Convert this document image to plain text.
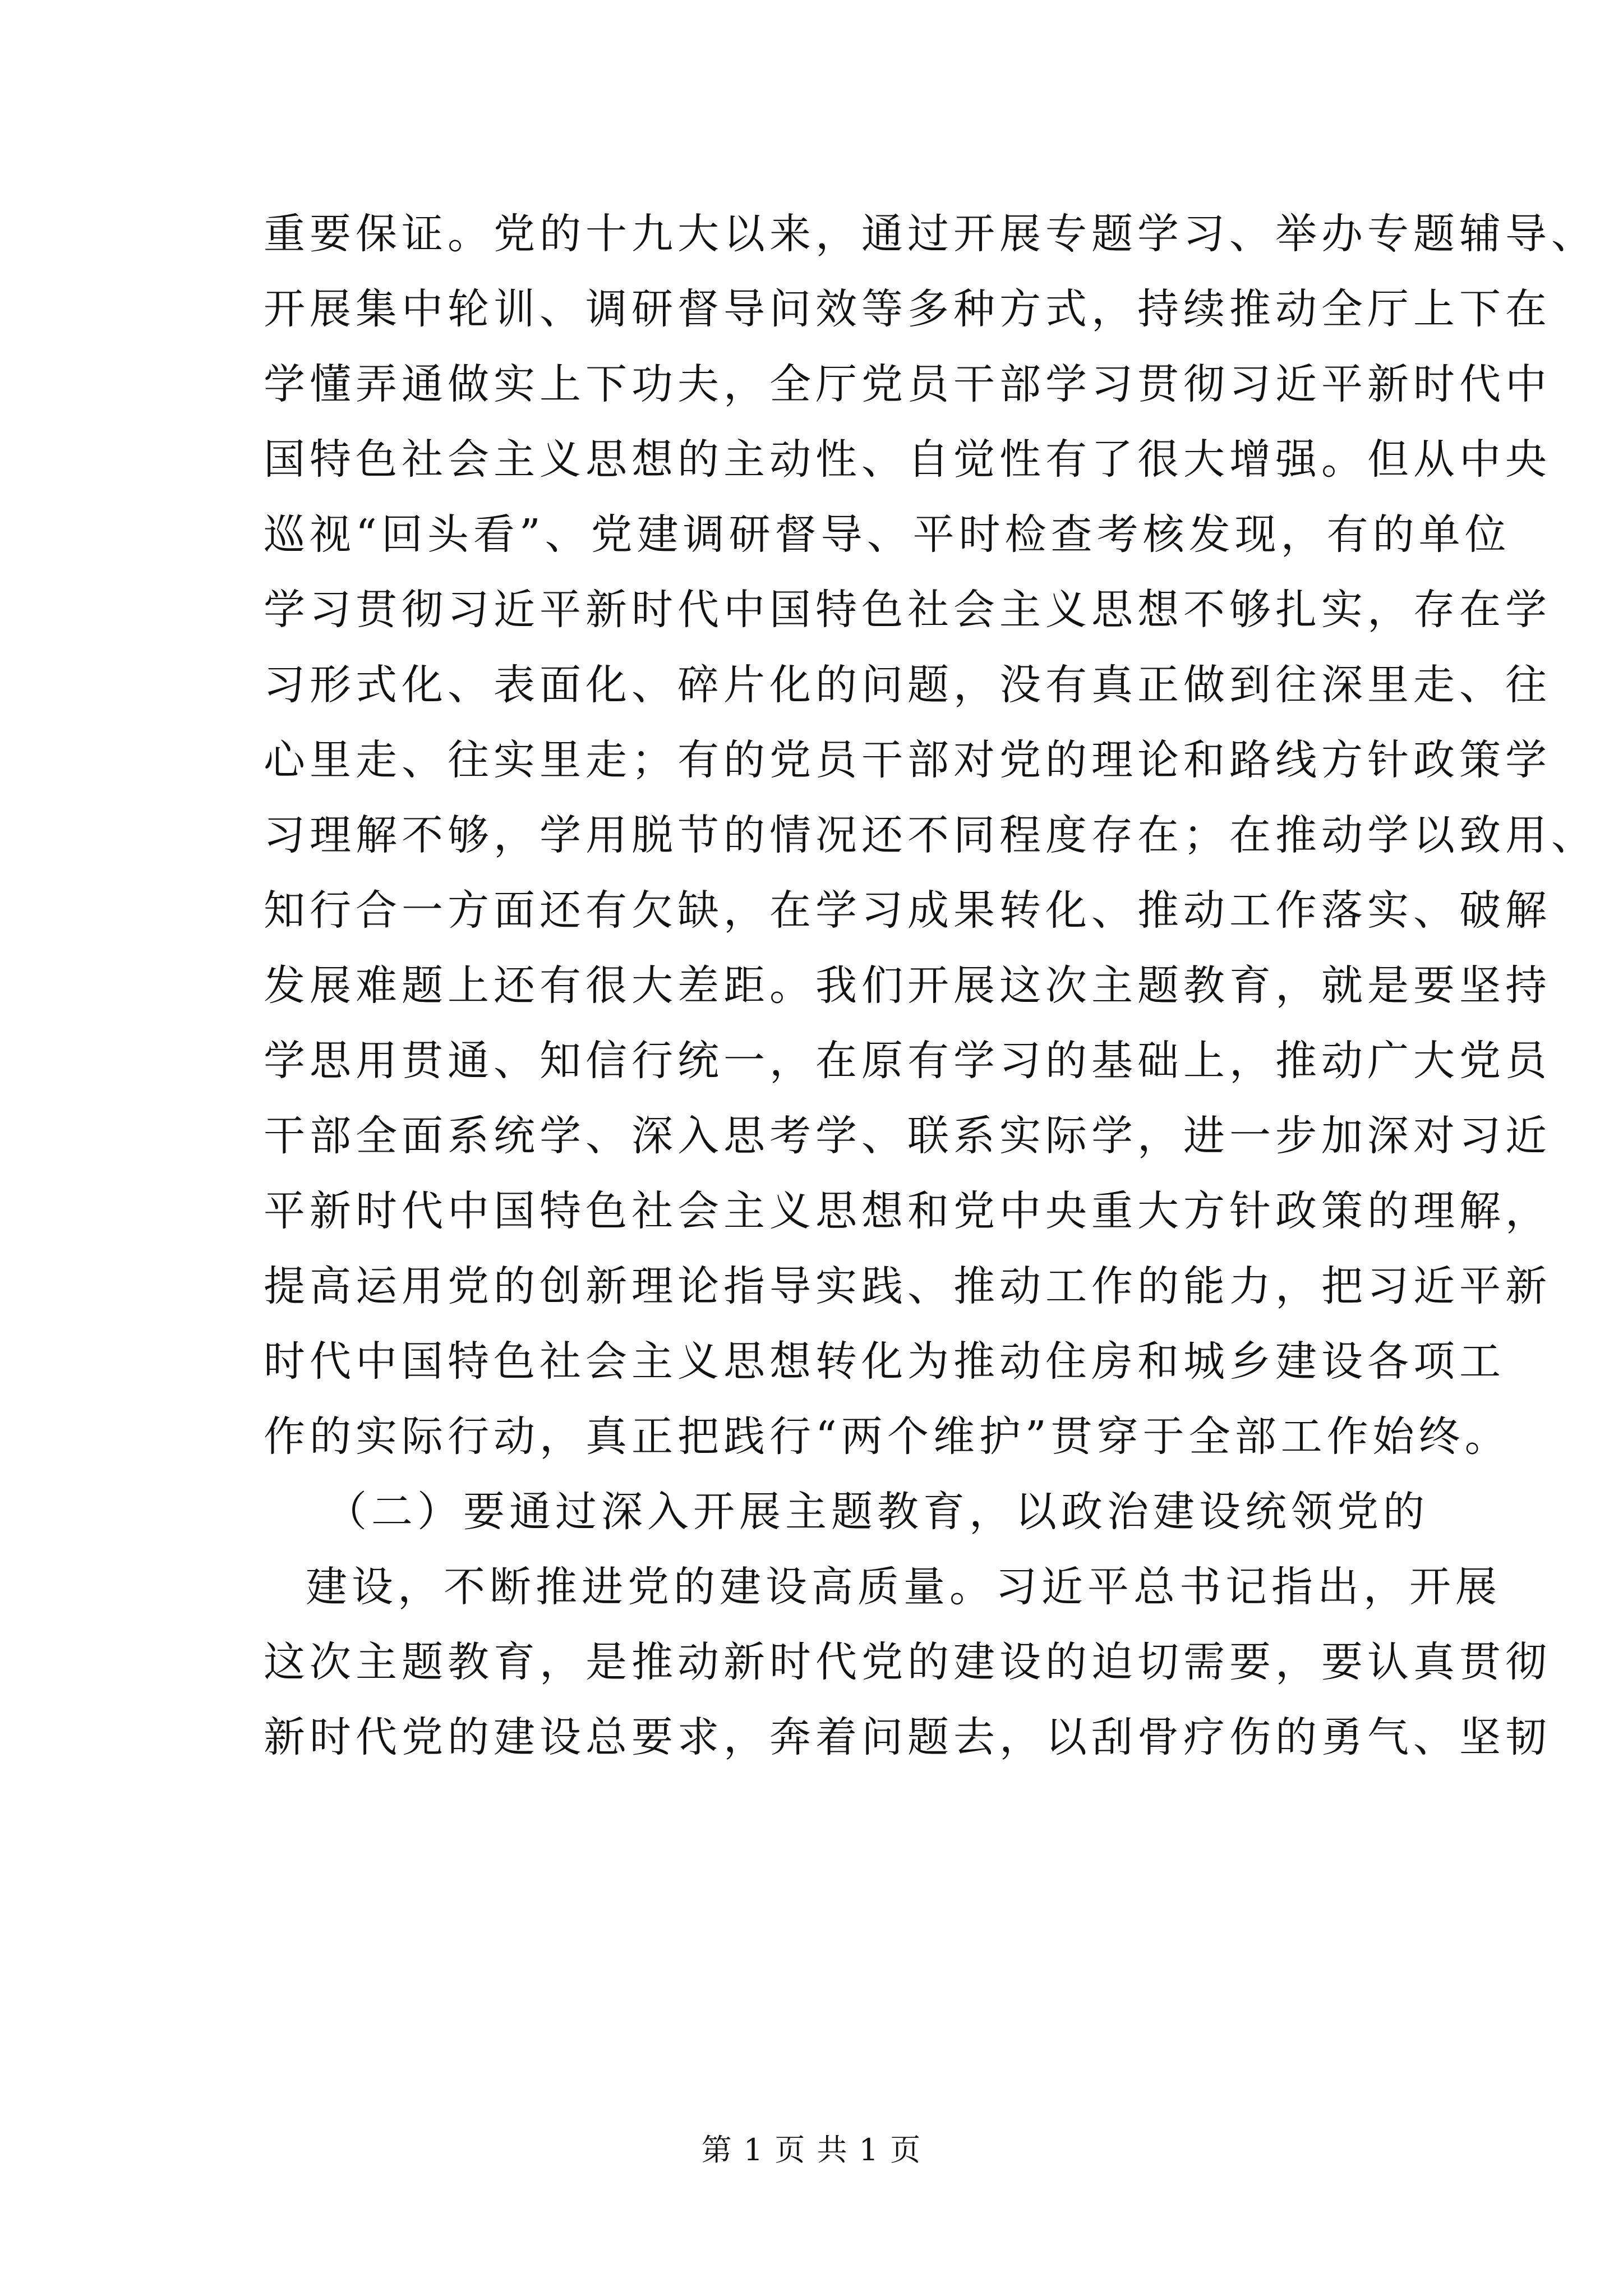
重要保证。党的十九大以来，通过开展专题学习、举办专题辅导、
开展集中轮训、调研督导问效等多种方式，持续推动全厅上下在
学懂弄通做实上下功夫，全厅党员干部学习贯彻习近平新时代中
国特色社会主义思想的主动性、自觉性有了很大增强。但从中央
巡视“回头看”、党建调研督导、平时检查考核发现，有的单位
学习贯彻习近平新时代中国特色社会主义思想不够扎实，存在学
习形式化、表面化、碎片化的问题，没有真正做到往深里走、往
心里走、往实里走；有的党员干部对党的理论和路线方针政策学
习理解不够，学用脱节的情况还不同程度存在；在推动学以致用、
知行合一方面还有欠缺，在学习成果转化、推动工作落实、破解
发展难题上还有很大差距。我们开展这次主题教育，就是要坚持
学思用贯通、知信行统一，在原有学习的基础上，推动广大党员
干部全面系统学、深入思考学、联系实际学，进一步加深对习近
平新时代中国特色社会主义思想和党中央重大方针政策的理解，
提高运用党的创新理论指导实践、推动工作的能力，把习近平新
时代中国特色社会主义思想转化为推动住房和城乡建设各项工
作的实际行动，真正把践行“两个维护”贯穿于全部工作始终。
（二）要通过深入开展主题教育，以政治建设统领党的
建设，不断推进党的建设高质量。习近平总书记指出，开展
这次主题教育，是推动新时代党的建设的迫切需要，要认真贯彻
新时代党的建设总要求，奔着问题去，以刮骨疗伤的勇气、坚韧
第 1 页 共 1 页
